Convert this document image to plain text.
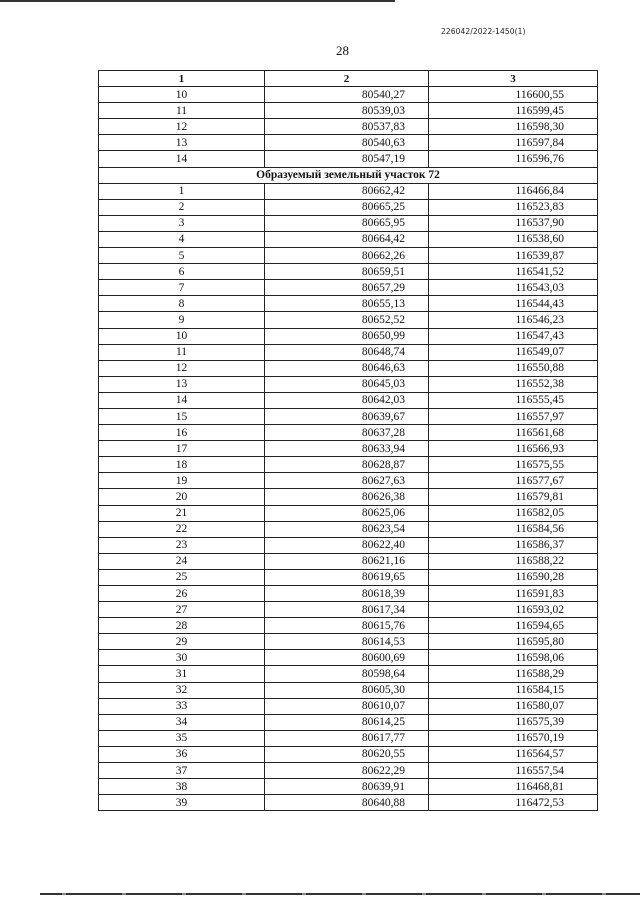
226042/2022-1450(1)
28
1	2	3
10	80540,27	116600,55
11	80539,03	116599,45
12	80537,83	116598,30
13	80540,63	116597,84
14	80547,19	116596,76
Образуемый земельный участок 72		
1	80662,42	116466,84
2	80665,25	116523,83
3	80665,95	116537,90
4	80664,42	116538,60
5	80662,26	116539,87
6	80659,51	116541,52
7	80657,29	116543,03
8	80655,13	116544,43
9	80652,52	116546,23
10	80650,99	116547,43
11	80648,74	116549,07
12	80646,63	116550,88
13	80645,03	116552,38
14	80642,03	116555,45
15	80639,67	116557,97
16	80637,28	116561,68
17	80633,94	116566,93
18	80628,87	116575,55
19	80627,63	116577,67
20	80626,38	116579,81
21	80625,06	116582,05
22	80623,54	116584,56
23	80622,40	116586,37
24	80621,16	116588,22
25	80619,65	116590,28
26	80618,39	116591,83
27	80617,34	116593,02
28	80615,76	116594,65
29	80614,53	116595,80
30	80600,69	116598,06
31	80598,64	116588,29
32	80605,30	116584,15
33	80610,07	116580,07
34	80614,25	116575,39
35	80617,77	116570,19
36	80620,55	116564,57
37	80622,29	116557,54
38	80639,91	116468,81
39	80640,88	116472,53
